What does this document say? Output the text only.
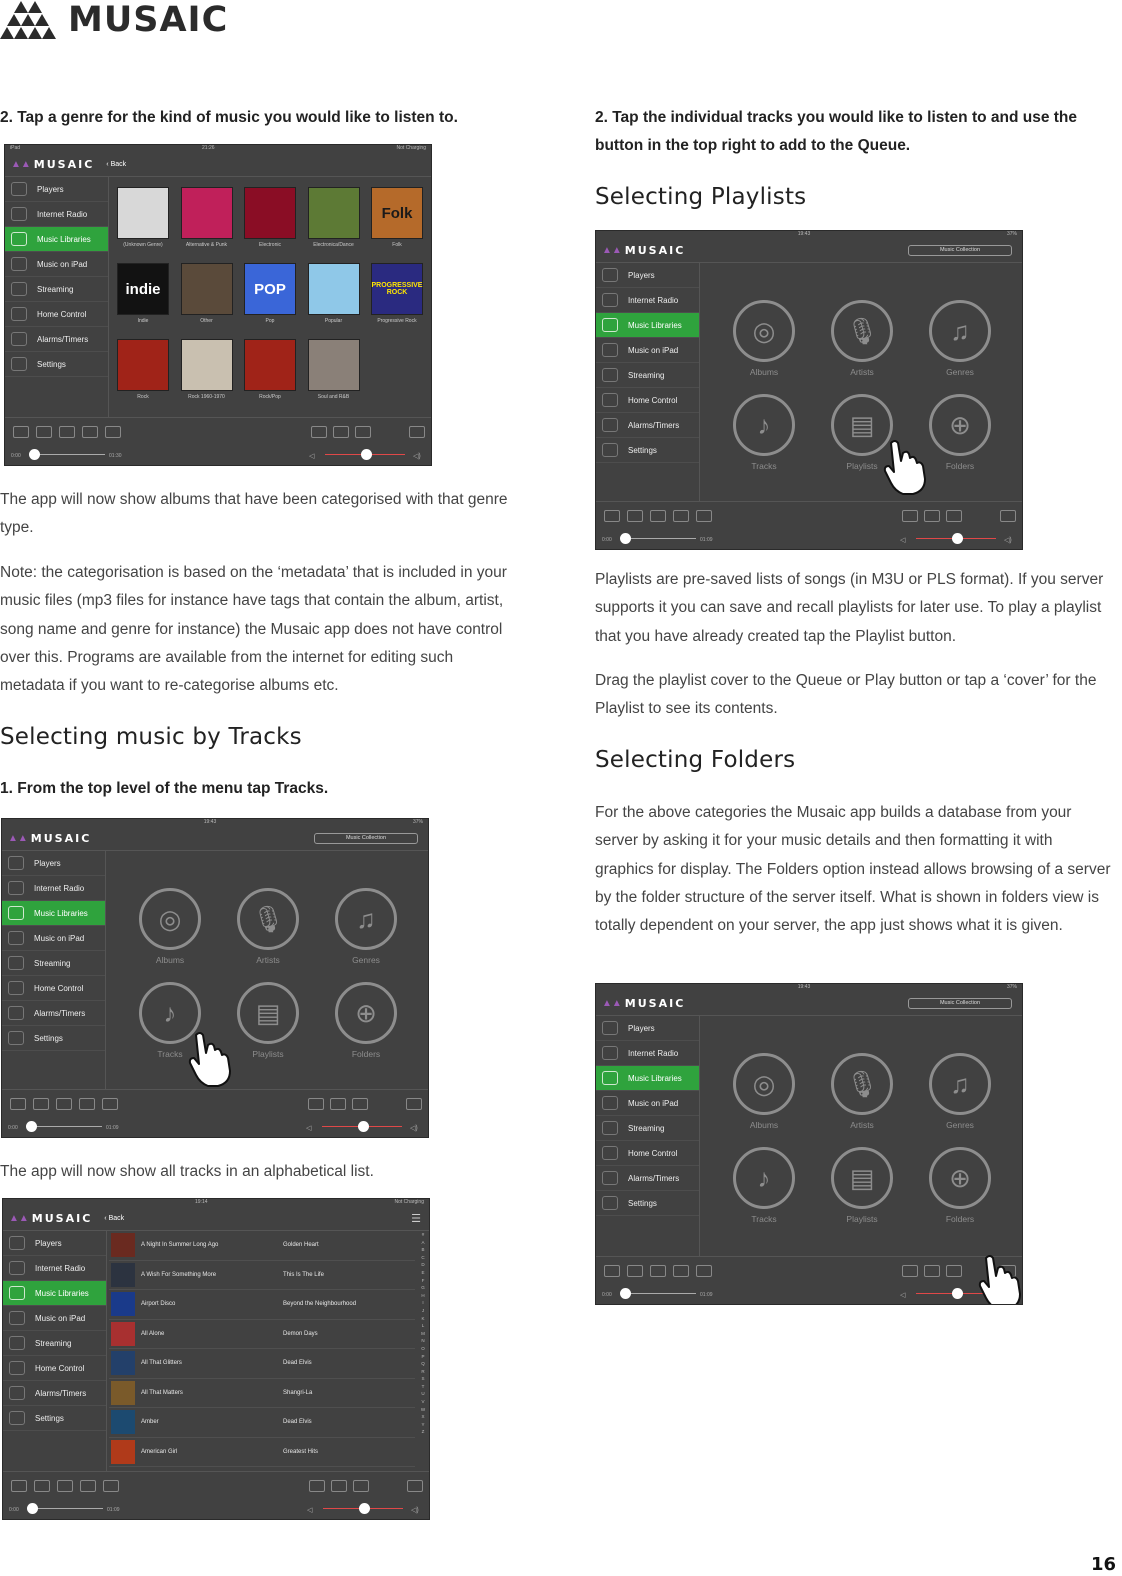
MUSAIC
2. Tap a genre for the kind of music you would like to listen to.
iPad	21:26	Not Charging
▲▲ MUSAIC ‹ Back
Players
Internet Radio
Music Libraries
Music on iPad
Streaming
Home Control
Alarms/Timers
Settings
0:00	01:30	◁	◁)
(Unknown Genre)	Alternative & Punk	Electronic	Electronica/Dance
Folk
Folk
indie
Indie	Other
POP
Pop	Popular
PROGRESSIVE ROCK
Progressive Rock
Rock	Rock 1960-1970	Rock/Pop	Soul and R&B
The app will now show albums that have been categorised with that genre type.
Note: the categorisation is based on the ‘metadata’ that is included in your music files (mp3 files for instance have tags that contain the album, artist, song name and genre for instance) the Musaic app does not have control over this. Programs are available from the internet for editing such metadata if you want to re-categorise albums etc.
Selecting music by Tracks
1. From the top level of the menu tap Tracks.
19:43	37%
▲▲ MUSAIC	Music Collection
Players
Internet Radio
Music Libraries
Music on iPad
Streaming
Home Control
Alarms/Timers
Settings
0:00	01:09	◁	◁)
◎
Albums
🎙
Artists
♫
Genres
♪
Tracks
▤
Playlists
⊕
Folders
The app will now show all tracks in an alphabetical list.
19:14	Not Charging
▲▲ MUSAIC ‹ Back	☰
Players
Internet Radio
Music Libraries
Music on iPad
Streaming
Home Control
Alarms/Timers
Settings
#
A
B
C
D
E
F
G
H
I
J
K
L
M
N
O
P
Q
R
S
T
U
V
W
X
Y
Z
0:00	01:09	◁	◁)
A Night In Summer Long Ago	Golden Heart
A Wish For Something More	This Is The Life
Airport Disco	Beyond the Neighbourhood
All Alone	Demon Days
All That Glitters	Dead Elvis
All That Matters	Shangri-La
Amber	Dead Elvis
American Girl	Greatest Hits
2. Tap the individual tracks you would like to listen to and use the button in the top right to add to the Queue.
Selecting Playlists
19:43	37%
▲▲ MUSAIC	Music Collection
Players
Internet Radio
Music Libraries
Music on iPad
Streaming
Home Control
Alarms/Timers
Settings
0:00	01:09	◁	◁)
◎
Albums
🎙
Artists
♫
Genres
♪
Tracks
▤
Playlists
⊕
Folders
Playlists are pre-saved lists of songs (in M3U or PLS format). If you server supports it you can save and recall playlists for later use. To play a playlist that you have already created tap the Playlist button.
Drag the playlist cover to the Queue or Play button or tap a ‘cover’ for the Playlist to see its contents.
Selecting Folders
For the above categories the Musaic app builds a database from your server by asking it for your music details and then formatting it with graphics for display. The Folders option instead allows browsing of a server by the folder structure of the server itself. What is shown in folders view is totally dependent on your server, the app just shows what it is given.
19:43	37%
▲▲ MUSAIC	Music Collection
Players
Internet Radio
Music Libraries
Music on iPad
Streaming
Home Control
Alarms/Timers
Settings
0:00	01:09	◁
◎
Albums
🎙
Artists
♫
Genres
♪
Tracks
▤
Playlists
⊕
Folders
16
